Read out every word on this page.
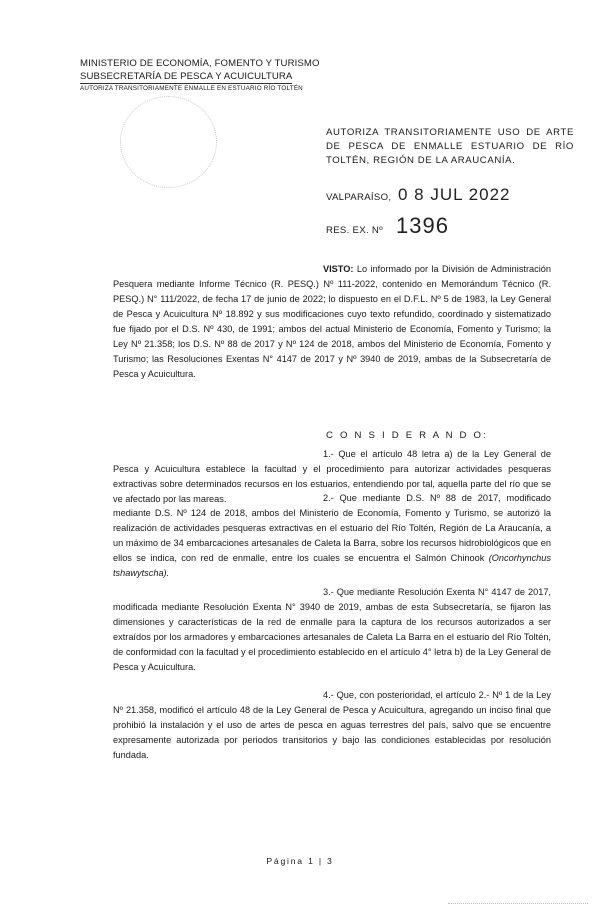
MINISTERIO DE ECONOMÍA, FOMENTO Y TURISMO
SUBSECRETARÍA DE PESCA Y ACUICULTURA
AUTORIZA TRANSITORIAMENTE ENMALLE EN ESTUARIO RÍO TOLTÉN
AUTORIZA TRANSITORIAMENTE USO DE ARTE DE PESCA DE ENMALLE ESTUARIO DE RÍO TOLTÉN, REGIÓN DE LA ARAUCANÍA.
VALPARAÍSO, 0 8 JUL 2022
RES. EX. Nº 1396
VISTO: Lo informado por la División de Administración Pesquera mediante Informe Técnico (R. PESQ.) Nº 111-2022, contenido en Memorándum Técnico (R. PESQ.) N° 111/2022, de fecha 17 de junio de 2022; lo dispuesto en el D.F.L. Nº 5 de 1983, la Ley General de Pesca y Acuicultura Nº 18.892 y sus modificaciones cuyo texto refundido, coordinado y sistematizado fue fijado por el D.S. Nº 430, de 1991; ambos del actual Ministerio de Economía, Fomento y Turismo; la Ley Nº 21.358; los D.S. Nº 88 de 2017 y Nº 124 de 2018, ambos del Ministerio de Economía, Fomento y Turismo; las Resoluciones Exentas N° 4147 de 2017 y Nº 3940 de 2019, ambas de la Subsecretaría de Pesca y Acuicultura.
C O N S I D E R A N D O:
1.- Que el artículo 48 letra a) de la Ley General de Pesca y Acuicultura establece la facultad y el procedimiento para autorizar actividades pesqueras extractivas sobre determinados recursos en los estuarios, entendiendo por tal, aquella parte del río que se ve afectado por las mareas.	2.- Que mediante D.S. Nº 88 de 2017, modificado mediante D.S. Nº 124 de 2018, ambos del Ministerio de Economía, Fomento y Turismo, se autorizó la realización de actividades pesqueras extractivas en el estuario del Río Toltén, Región de La Araucanía, a un máximo de 34 embarcaciones artesanales de Caleta la Barra, sobre los recursos hidrobiológicos que en ellos se indica, con red de enmalle, entre los cuales se encuentra el Salmón Chinook (Oncorhynchus tshawytscha).
3.- Que mediante Resolución Exenta N° 4147 de 2017, modificada mediante Resolución Exenta N° 3940 de 2019, ambas de esta Subsecretaría, se fijaron las dimensiones y características de la red de enmalle para la captura de los recursos autorizados a ser extraídos por los armadores y embarcaciones artesanales de Caleta La Barra en el estuario del Río Toltén, de conformidad con la facultad y el procedimiento establecido en el artículo 4° letra b) de la Ley General de Pesca y Acuicultura.
4.- Que, con posterioridad, el artículo 2.- Nº 1 de la Ley Nº 21.358, modificó el artículo 48 de la Ley General de Pesca y Acuicultura, agregando un inciso final que prohibió la instalación y el uso de artes de pesca en aguas terrestres del país, salvo que se encuentre expresamente autorizada por periodos transitorios y bajo las condiciones establecidas por resolución fundada.
Página 1 | 3
